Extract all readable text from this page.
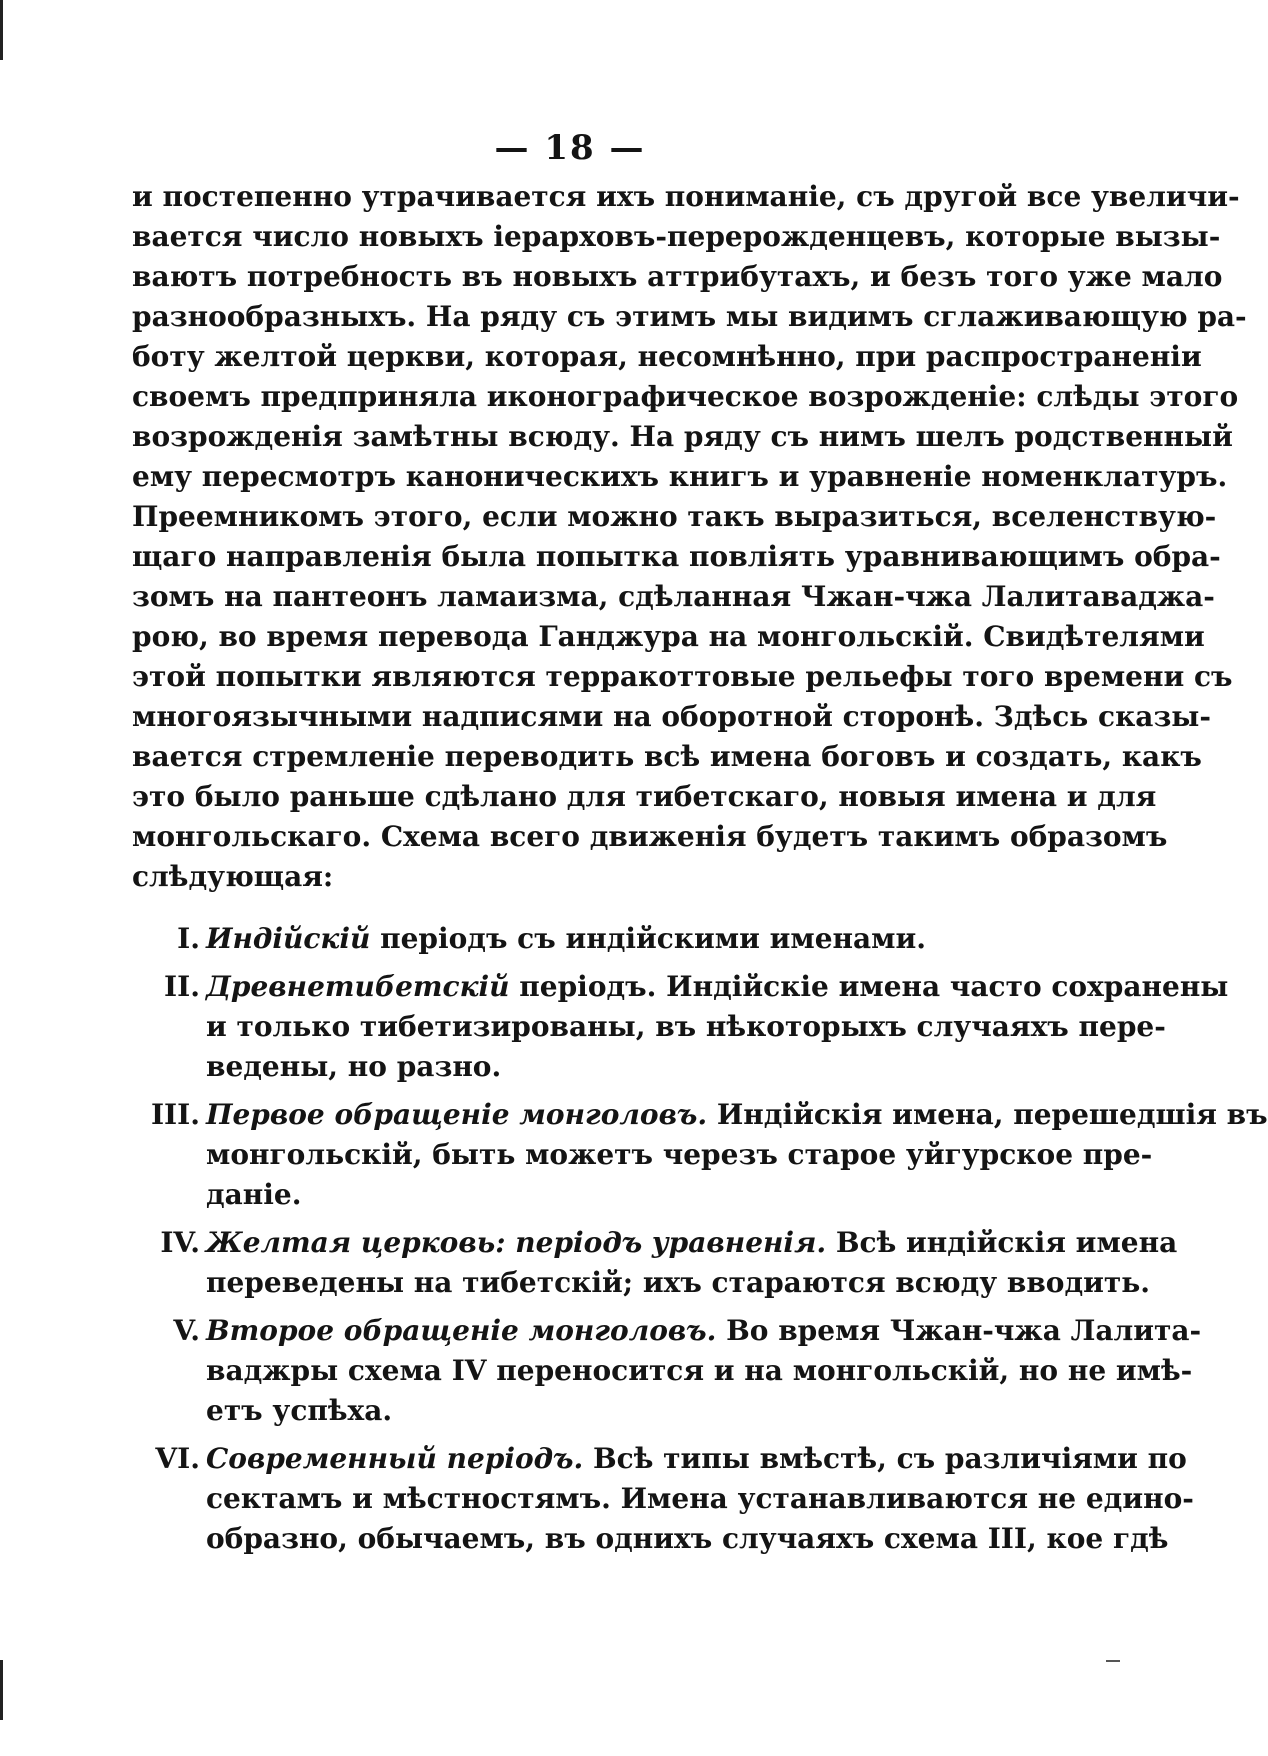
— 18 —
и постепенно утрачивается ихъ пониманіе, съ другой все увеличи-
вается число новыхъ іерарховъ-перерожденцевъ, которые вызы-
ваютъ потребность въ новыхъ аттрибутахъ, и безъ того уже мало
разнообразныхъ. На ряду съ этимъ мы видимъ сглаживающую ра-
боту желтой церкви, которая, несомнѣнно, при распространеніи
своемъ предприняла иконографическое возрожденіе: слѣды этого
возрожденія замѣтны всюду. На ряду съ нимъ шелъ родственный
ему пересмотръ каноническихъ книгъ и уравненіе номенклатуръ.
Преемникомъ этого, если можно такъ выразиться, вселенствую-
щаго направленія была попытка повліять уравнивающимъ обра-
зомъ на пантеонъ ламаизма, сдѣланная Чжан-чжа Лалитаваджа-
рою, во время перевода Ганджура на монгольскій. Свидѣтелями
этой попытки являются терракоттовые рельефы того времени съ
многоязычными надписями на оборотной сторонѣ. Здѣсь сказы-
вается стремленіе переводить всѣ имена боговъ и создать, какъ
это было раньше сдѣлано для тибетскаго, новыя имена и для
монгольскаго. Схема всего движенія будетъ такимъ образомъ
слѣдующая:
I. Индійскій періодъ съ индійскими именами.
II. Древнетибетскій періодъ. Индійскіе имена часто сохранены
и только тибетизированы, въ нѣкоторыхъ случаяхъ пере-
ведены, но разно.
III. Первое обращеніе монголовъ. Индійскія имена, перешедшія въ
монгольскій, быть можетъ черезъ старое уйгурское пре-
даніе.
IV. Желтая церковь: періодъ уравненія. Всѣ индійскія имена
переведены на тибетскій; ихъ стараются всюду вводить.
V. Второе обращеніе монголовъ. Во время Чжан-чжа Лалита-
ваджры схема IV переносится и на монгольскій, но не имѣ-
етъ успѣха.
VI. Современный періодъ. Всѣ типы вмѣстѣ, съ различіями по
сектамъ и мѣстностямъ. Имена устанавливаются не едино-
образно, обычаемъ, въ однихъ случаяхъ схема III, кое гдѣ
